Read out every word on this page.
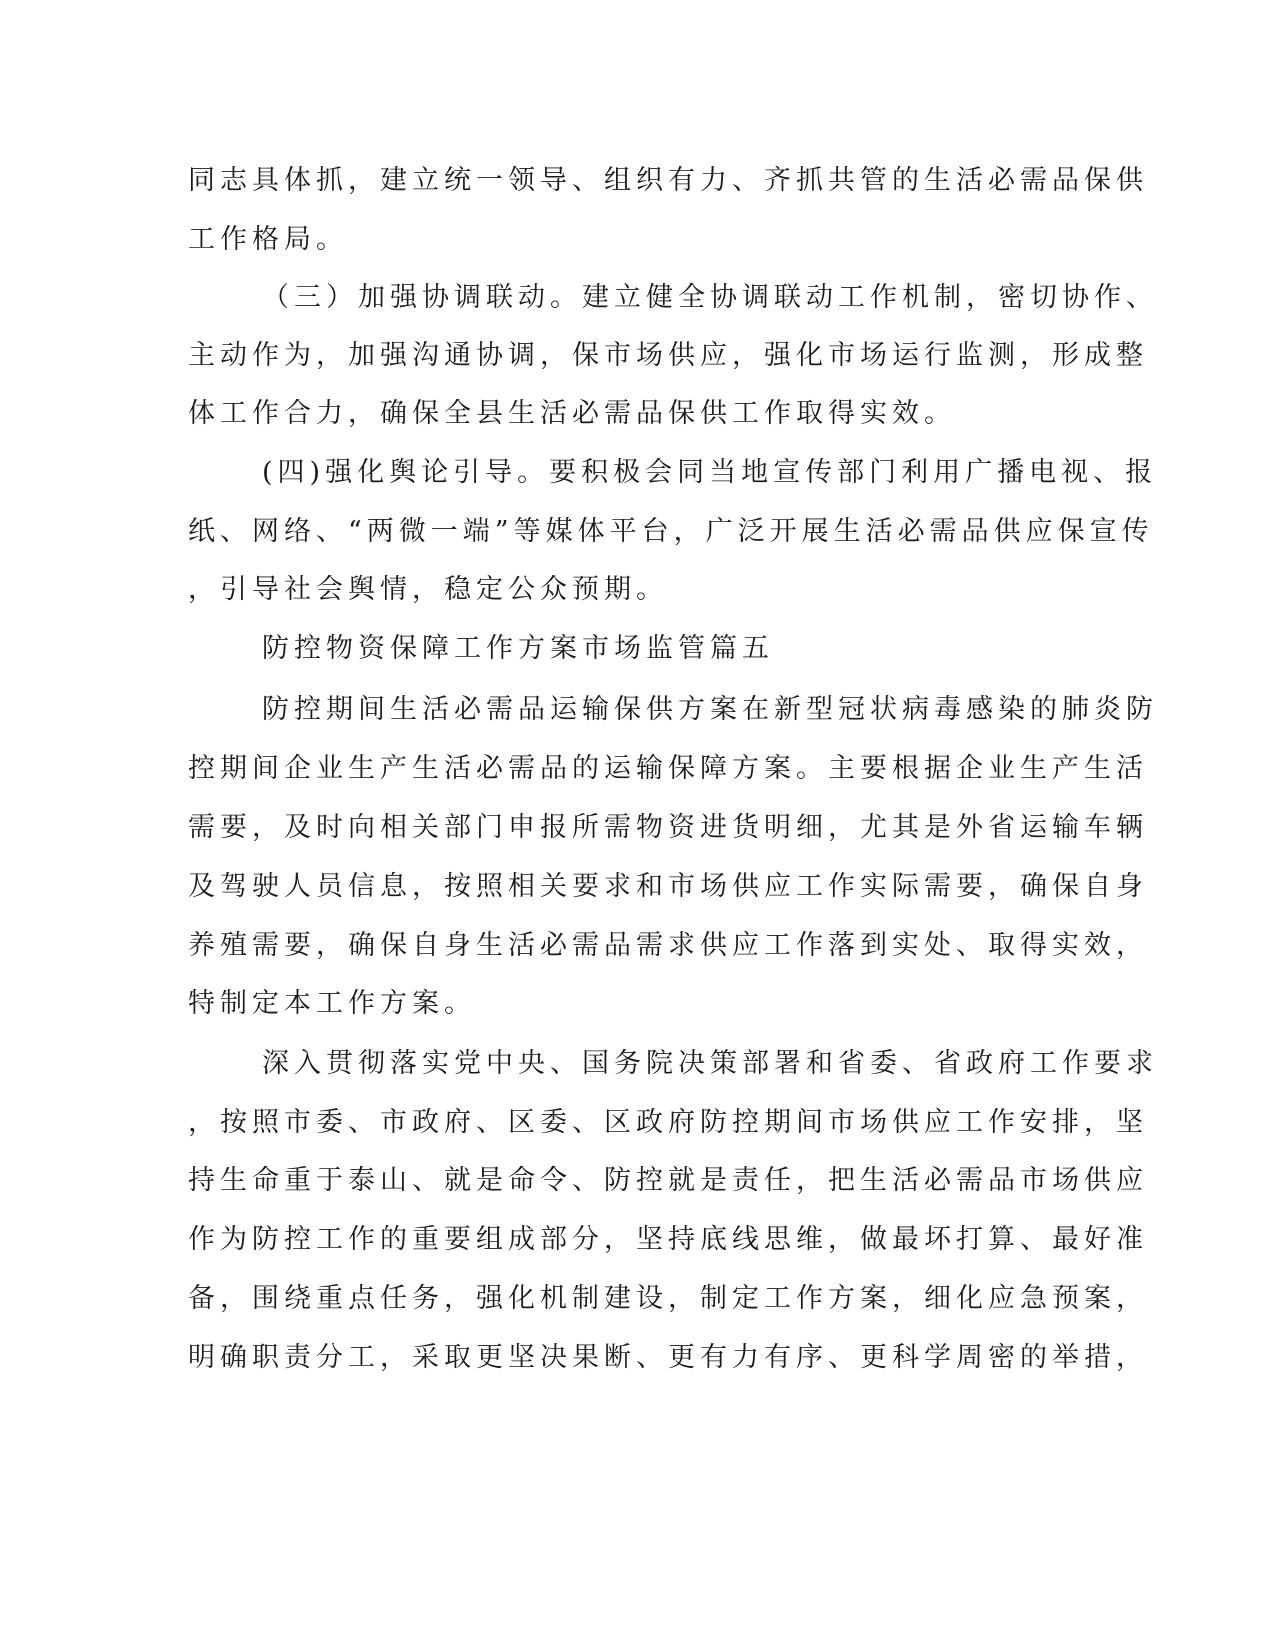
同志具体抓，建立统一领导、组织有力、齐抓共管的生活必需品保供
工作格局。
（三）加强协调联动。建立健全协调联动工作机制，密切协作、
主动作为，加强沟通协调，保市场供应，强化市场运行监测，形成整
体工作合力，确保全县生活必需品保供工作取得实效。
(四)强化舆论引导。要积极会同当地宣传部门利用广播电视、报
纸、网络、“两微一端”等媒体平台，广泛开展生活必需品供应保宣传
，引导社会舆情，稳定公众预期。
防控物资保障工作方案市场监管篇五
防控期间生活必需品运输保供方案在新型冠状病毒感染的肺炎防
控期间企业生产生活必需品的运输保障方案。主要根据企业生产生活
需要，及时向相关部门申报所需物资进货明细，尤其是外省运输车辆
及驾驶人员信息，按照相关要求和市场供应工作实际需要，确保自身
养殖需要，确保自身生活必需品需求供应工作落到实处、取得实效，
特制定本工作方案。
深入贯彻落实党中央、国务院决策部署和省委、省政府工作要求
，按照市委、市政府、区委、区政府防控期间市场供应工作安排，坚
持生命重于泰山、就是命令、防控就是责任，把生活必需品市场供应
作为防控工作的重要组成部分，坚持底线思维，做最坏打算、最好准
备，围绕重点任务，强化机制建设，制定工作方案，细化应急预案，
明确职责分工，采取更坚决果断、更有力有序、更科学周密的举措，
